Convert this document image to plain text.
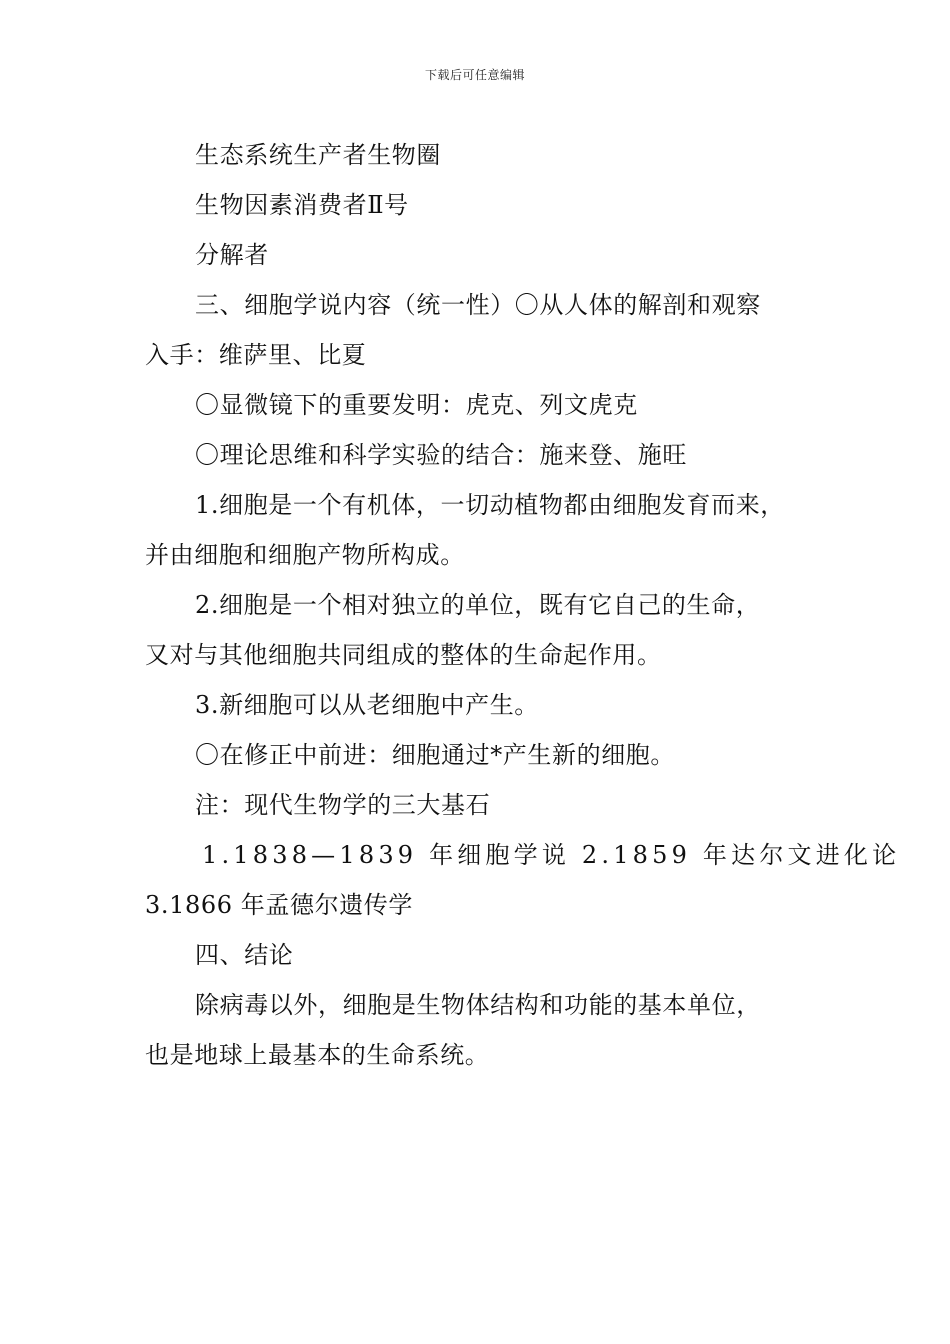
下载后可任意编辑
生态系统生产者生物圈
生物因素消费者Ⅱ号
分解者
三、细胞学说内容（统一性）〇从人体的解剖和观察
入手：维萨里、比夏
〇显微镜下的重要发明：虎克、列文虎克
〇理论思维和科学实验的结合：施来登、施旺
1.细胞是一个有机体，一切动植物都由细胞发育而来，
并由细胞和细胞产物所构成。
2.细胞是一个相对独立的单位，既有它自己的生命，
又对与其他细胞共同组成的整体的生命起作用。
3.新细胞可以从老细胞中产生。
〇在修正中前进：细胞通过*产生新的细胞。
注：现代生物学的三大基石
1.1838—1839 年细胞学说 2.1859 年达尔文进化论
3.1866 年孟德尔遗传学
四、结论
除病毒以外，细胞是生物体结构和功能的基本单位，
也是地球上最基本的生命系统。
